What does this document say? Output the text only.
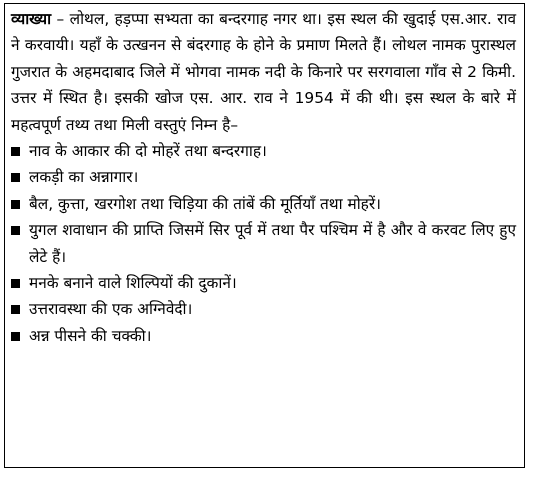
व्याख्या – लोथल, हड़प्पा सभ्यता का बन्दरगाह नगर था। इस स्थल की खुदाई एस.आर. राव ने करवायी। यहाँ के उत्खनन से बंदरगाह के होने के प्रमाण मिलते हैं। लोथल नामक पुरास्थल गुजरात के अहमदाबाद जिले में भोगवा नामक नदी के किनारे पर सरगवाला गाँव से 2 किमी. उत्तर में स्थित है। इसकी खोज एस. आर. राव ने 1954 में की थी। इस स्थल के बारे में महत्वपूर्ण तथ्य तथा मिली वस्तुएं निम्न है–

नाव के आकार की दो मोहरें तथा बन्दरगाह।
लकड़ी का अन्नागार।
बैल, कुत्ता, खरगोश तथा चिड़िया की तांबें की मूर्तियाँ तथा मोहरें।
युगल शवाधान की प्राप्ति जिसमें सिर पूर्व में तथा पैर पश्चिम में है और वे करवट लिए हुए लेटे हैं।
मनके बनाने वाले शिल्पियों की दुकानें।
उत्तरावस्था की एक अग्निवेदी।
अन्न पीसने की चक्की।
